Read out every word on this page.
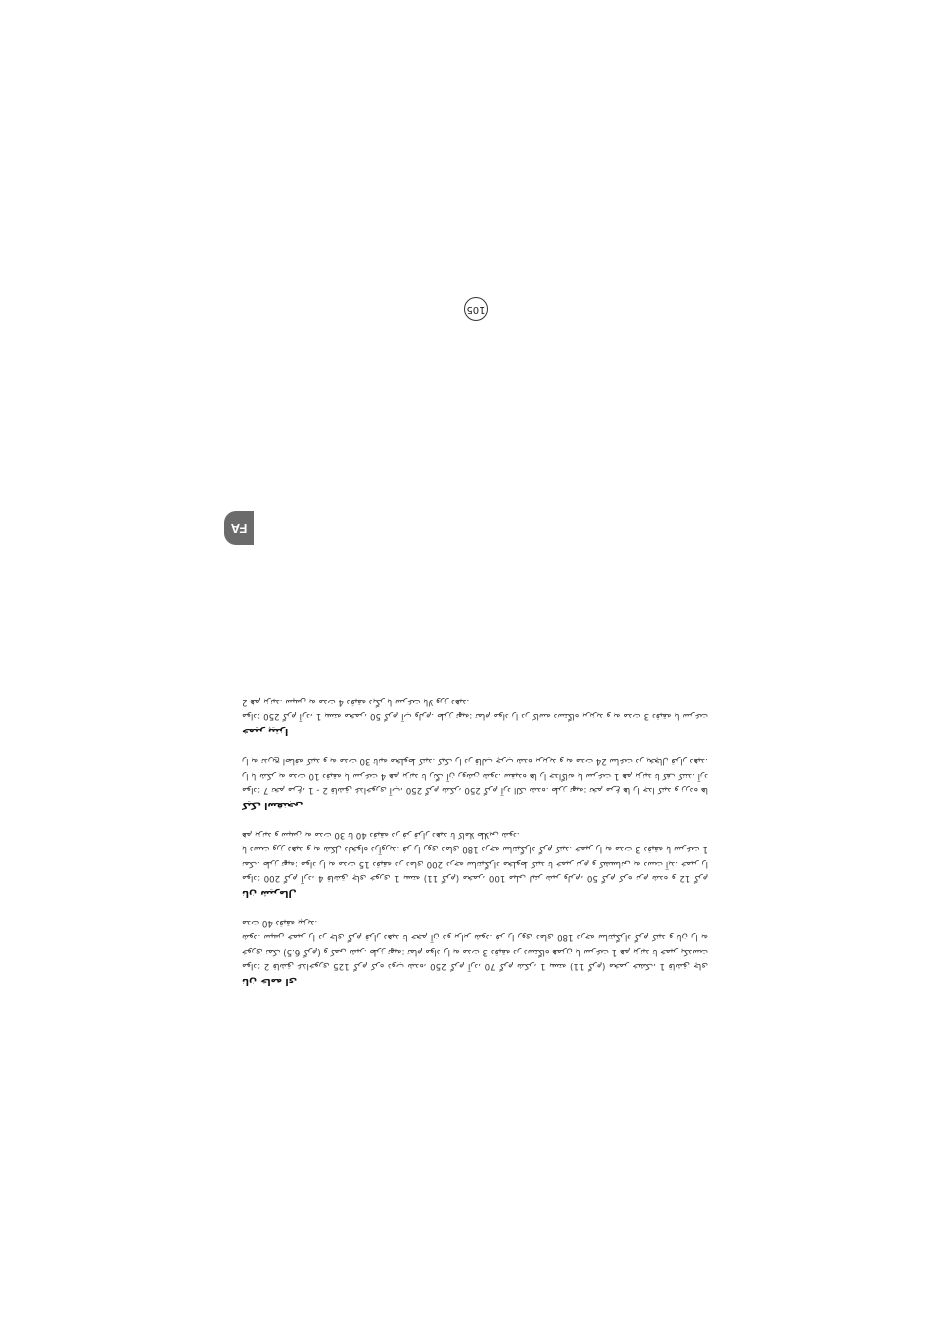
FA
نان خامه ای

مواد: 2 قاشق غذاخوری 125 گرم کره ذوب شده، 250 گرم آرد، 70 گرم شکر، 1 بسته (11 گرم) مخمر خشک، 1 قاشق چای خوری نمک (6.5 گرم) و کمی شیر. طرز تهیه: تمام مواد را به مدت 3 دقیقه در دستگاه همزن با سرعت 1 هم بزنید تا خمیر یکدست شود. سپس خمیر را در جای گرم قرار دهید تا حجم آن دو برابر شود. فر را روی دمای 180 درجه سانتیگراد گرم کنید و نان را به مدت 40 دقیقه بپزید.

نان شیرمال

مواد: 200 گرم آرد، 4 قاشق چای خوری 1 بسته (11 گرم) مخمر، 100 میلی لیتر شیر ولرم، 50 گرم کره نرم شده و 12 گرم نمک. طرز تهیه: مواد را به مدت 15 دقیقه در دمای 200 درجه سانتیگراد مخلوط کنید تا خمیر نرم و کشسانی به دست آید. خمیر را با دست ورز دهید و به شکل دلخواه درآورید. فر را روی دمای 180 درجه سانتیگراد گرم کنید. خمیر را به مدت 3 دقیقه با سرعت 1 هم بزنید و سپس به مدت 30 تا 40 دقیقه در فر قرار دهید تا کاملا طلایی شود.

کیک اسفنجی

مواد: 7 تخم مرغ، 1 - 2 قاشق غذاخوری آب، 250 گرم شکر، 250 گرم آرد الک شده. طرز تهیه: تخم مرغ ها را جدا کنید و زرده ها را با شکر به مدت 10 دقیقه با سرعت 4 هم بزنید تا رنگ آن روشن شود. سفیده ها را جداگانه با سرعت 1 هم بزنید تا کف کنند. آرد را به تدریج اضافه کنید و به مدت 30 ثانیه مخلوط کنید. کیک را در قالب چرب شده بریزید و به مدت 24 ساعت در یخچال قرار دهید.

خمیر پیتزا

مواد: 250 گرم آرد، 1 بسته مخمر، 50 گرم آب ولرم. طرز تهیه: تمام مواد را در کاسه دستگاه بریزید و به مدت 3 دقیقه با سرعت 2 هم بزنید. سپس به مدت 4 دقیقه دیگر با سرعت بالا ورز دهید.

105
